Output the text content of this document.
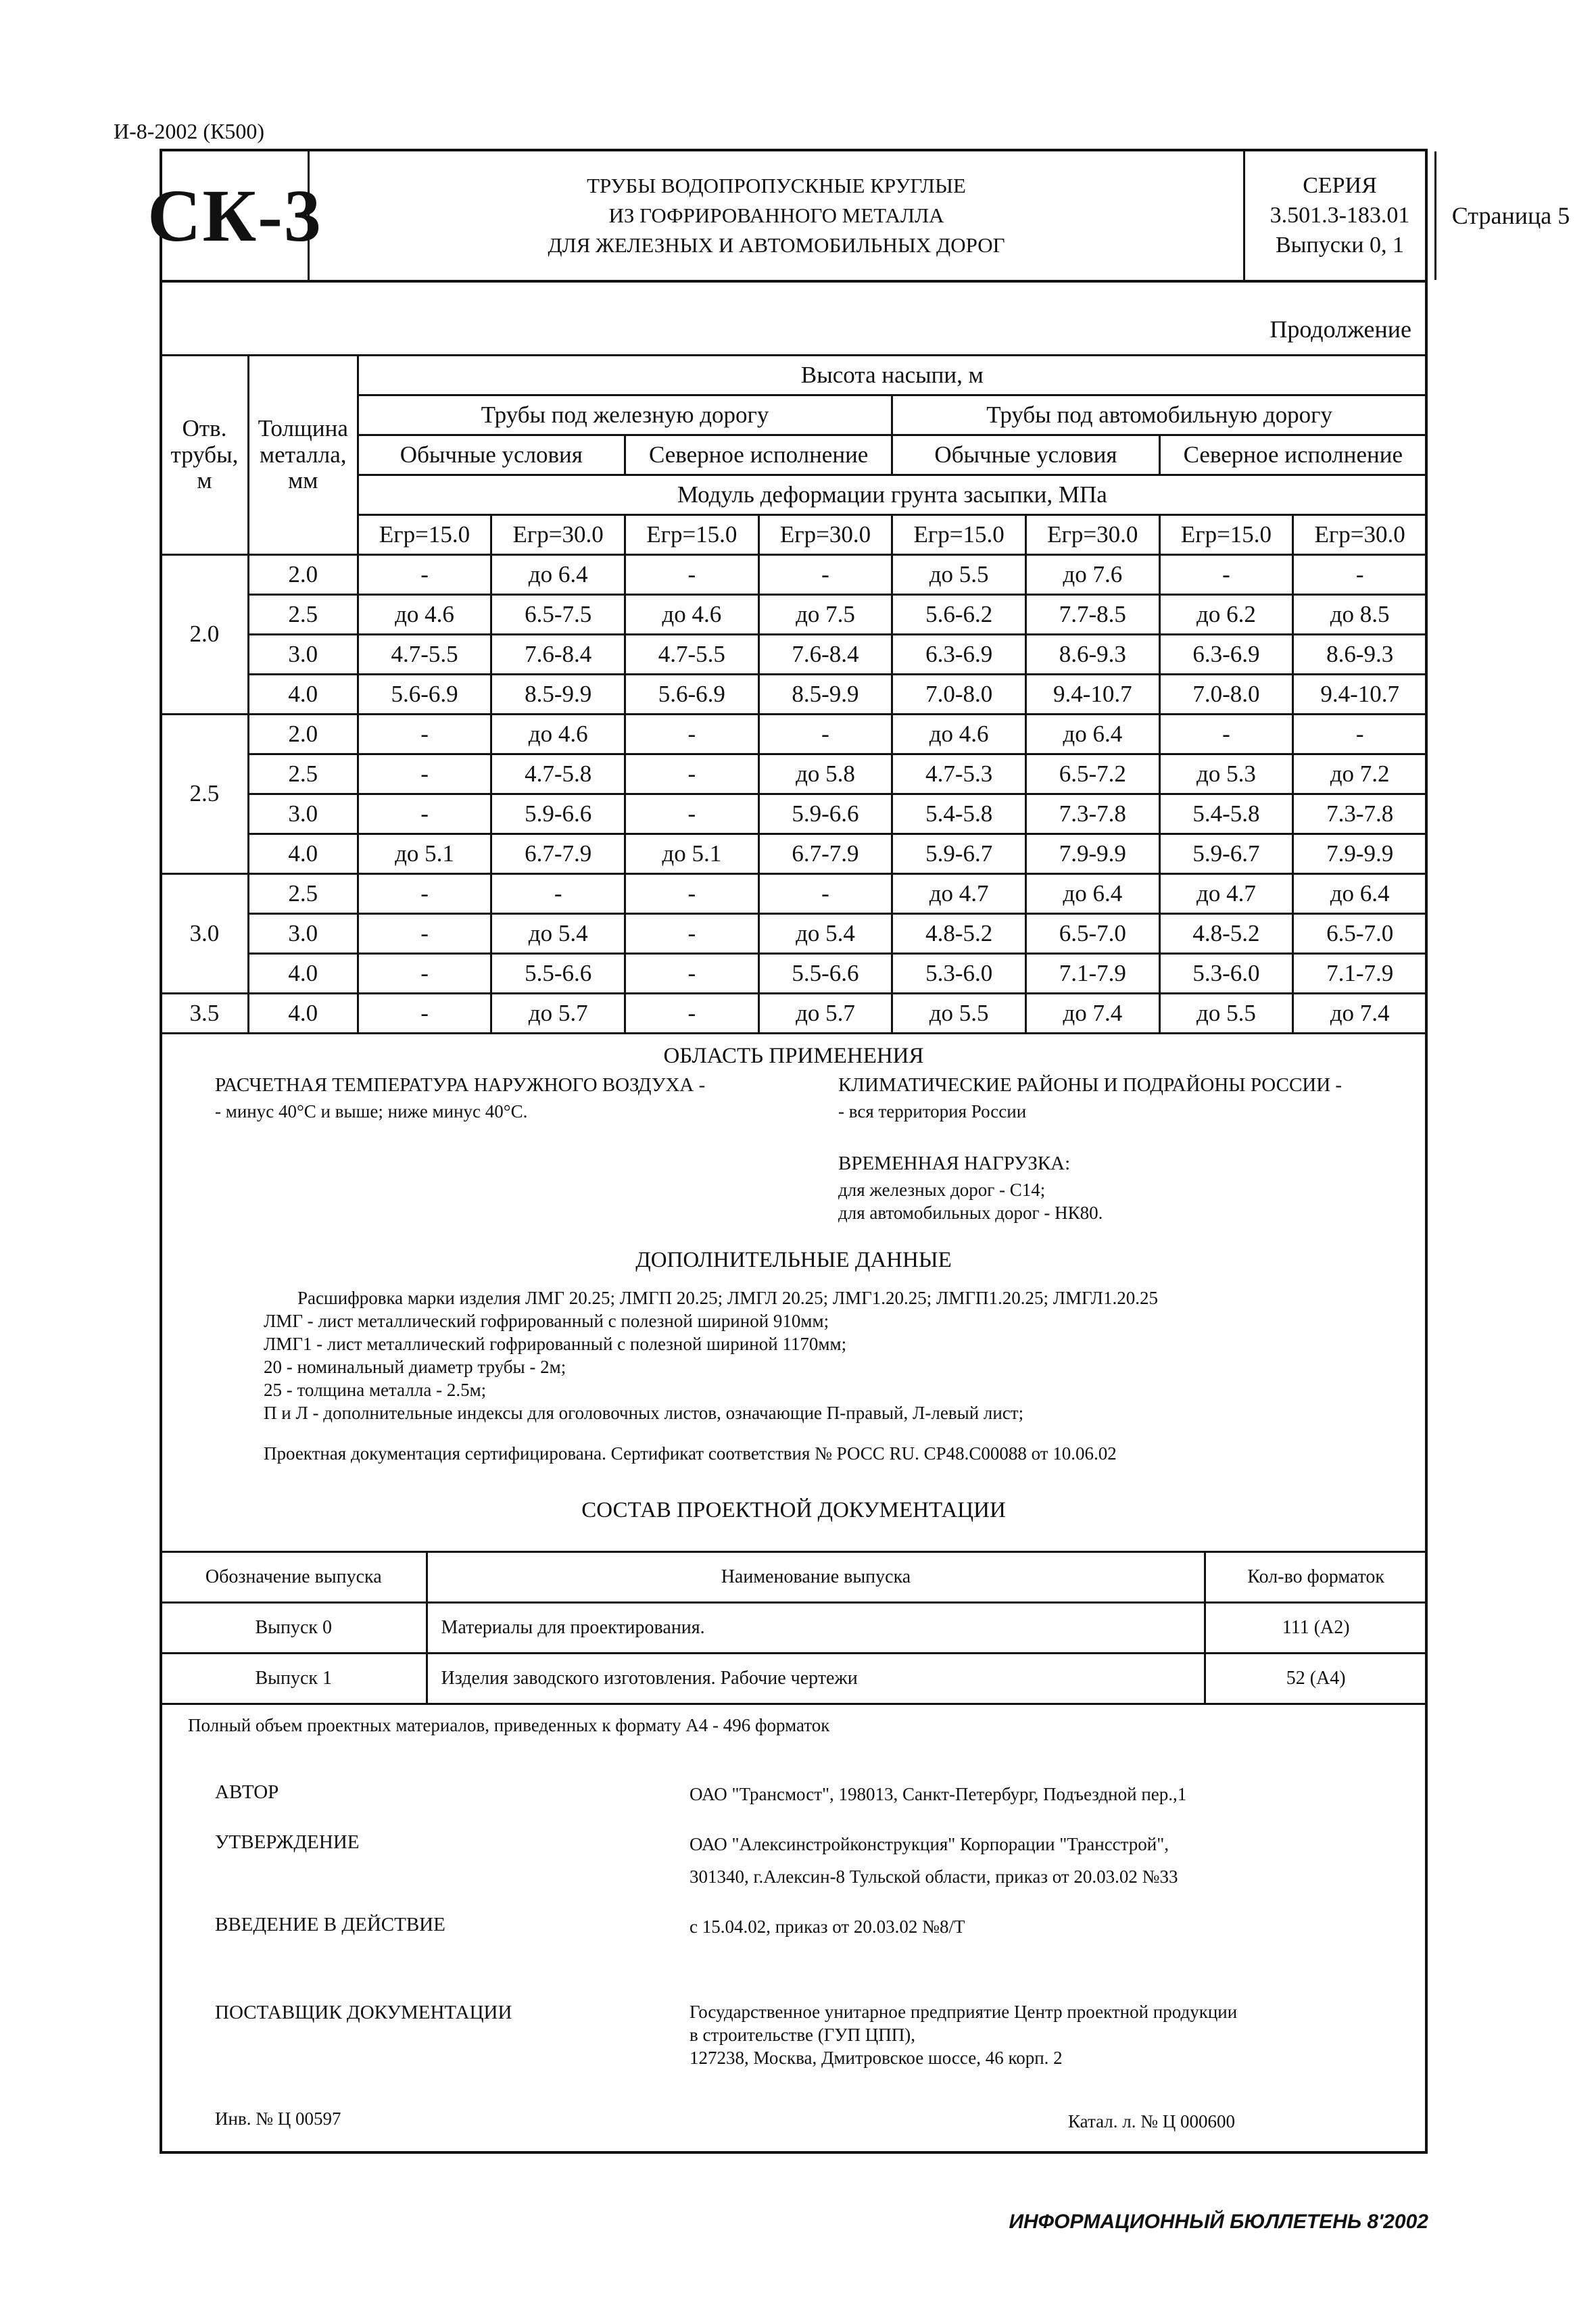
И-8-2002 (К500)
СК-3	ТРУБЫ ВОДОПРОПУСКНЫЕ КРУГЛЫЕ
ИЗ ГОФРИРОВАННОГО МЕТАЛЛА
ДЛЯ ЖЕЛЕЗНЫХ И АВТОМОБИЛЬНЫХ ДОРОГ
СЕРИЯ
3.501.3-183.01
Выпуски 0, 1
Страница 5
Продолжение
Отв. трубы, м	Толщина металла, мм	Высота насыпи, м							
		Трубы под железную дорогу				Трубы под автомобильную дорогу			
		Обычные условия		Северное исполнение		Обычные условия		Северное исполнение	
		Модуль деформации грунта засыпки, МПа							
		Егр=15.0	Егр=30.0	Егр=15.0	Егр=30.0	Егр=15.0	Егр=30.0	Егр=15.0	Егр=30.0
2.0	2.0	-	до 6.4	-	-	до 5.5	до 7.6	-	-
	2.5	до 4.6	6.5-7.5	до 4.6	до 7.5	5.6-6.2	7.7-8.5	до 6.2	до 8.5
	3.0	4.7-5.5	7.6-8.4	4.7-5.5	7.6-8.4	6.3-6.9	8.6-9.3	6.3-6.9	8.6-9.3
	4.0	5.6-6.9	8.5-9.9	5.6-6.9	8.5-9.9	7.0-8.0	9.4-10.7	7.0-8.0	9.4-10.7
2.5	2.0	-	до 4.6	-	-	до 4.6	до 6.4	-	-
	2.5	-	4.7-5.8	-	до 5.8	4.7-5.3	6.5-7.2	до 5.3	до 7.2
	3.0	-	5.9-6.6	-	5.9-6.6	5.4-5.8	7.3-7.8	5.4-5.8	7.3-7.8
	4.0	до 5.1	6.7-7.9	до 5.1	6.7-7.9	5.9-6.7	7.9-9.9	5.9-6.7	7.9-9.9
3.0	2.5	-	-	-	-	до 4.7	до 6.4	до 4.7	до 6.4
	3.0	-	до 5.4	-	до 5.4	4.8-5.2	6.5-7.0	4.8-5.2	6.5-7.0
	4.0	-	5.5-6.6	-	5.5-6.6	5.3-6.0	7.1-7.9	5.3-6.0	7.1-7.9
3.5	4.0	-	до 5.7	-	до 5.7	до 5.5	до 7.4	до 5.5	до 7.4
ОБЛАСТЬ ПРИМЕНЕНИЯ
РАСЧЕТНАЯ ТЕМПЕРАТУРА НАРУЖНОГО ВОЗДУХА -
- минус 40°С и выше; ниже минус 40°С.
КЛИМАТИЧЕСКИЕ РАЙОНЫ И ПОДРАЙОНЫ РОССИИ -
- вся территория России
ВРЕМЕННАЯ НАГРУЗКА:
для железных дорог - С14;
для автомобильных дорог - НК80.
ДОПОЛНИТЕЛЬНЫЕ ДАННЫЕ
Расшифровка марки изделия ЛМГ 20.25; ЛМГП 20.25; ЛМГЛ 20.25; ЛМГ1.20.25; ЛМГП1.20.25; ЛМГЛ1.20.25
ЛМГ - лист металлический гофрированный с полезной шириной 910мм;
ЛМГ1 - лист металлический гофрированный с полезной шириной 1170мм;
20 - номинальный диаметр трубы - 2м;
25 - толщина металла - 2.5м;
П и Л - дополнительные индексы для оголовочных листов, означающие П-правый, Л-левый лист;
Проектная документация сертифицирована. Сертификат соответствия № РОСС RU. СР48.С00088 от 10.06.02
СОСТАВ ПРОЕКТНОЙ ДОКУМЕНТАЦИИ
Обозначение выпуска	Наименование выпуска	Кол-во форматок
Выпуск 0	Материалы для проектирования.	111 (А2)
Выпуск 1	Изделия заводского изготовления. Рабочие чертежи	52 (А4)
Полный объем проектных материалов, приведенных к формату А4 - 496 форматок
АВТОР	ОАО "Трансмост", 198013, Санкт-Петербург, Подъездной пер.,1
УТВЕРЖДЕНИЕ	ОАО "Алексинстройконструкция" Корпорации "Трансстрой",
301340, г.Алексин-8 Тульской области, приказ от 20.03.02 №33
ВВЕДЕНИЕ В ДЕЙСТВИЕ	с 15.04.02, приказ от 20.03.02 №8/Т
ПОСТАВЩИК ДОКУМЕНТАЦИИ	Государственное унитарное предприятие Центр проектной продукции
в строительстве (ГУП ЦПП),
127238, Москва, Дмитровское шоссе, 46 корп. 2
Инв. № Ц 00597	Катал. л. № Ц 000600
ИНФОРМАЦИОННЫЙ БЮЛЛЕТЕНЬ 8'2002
